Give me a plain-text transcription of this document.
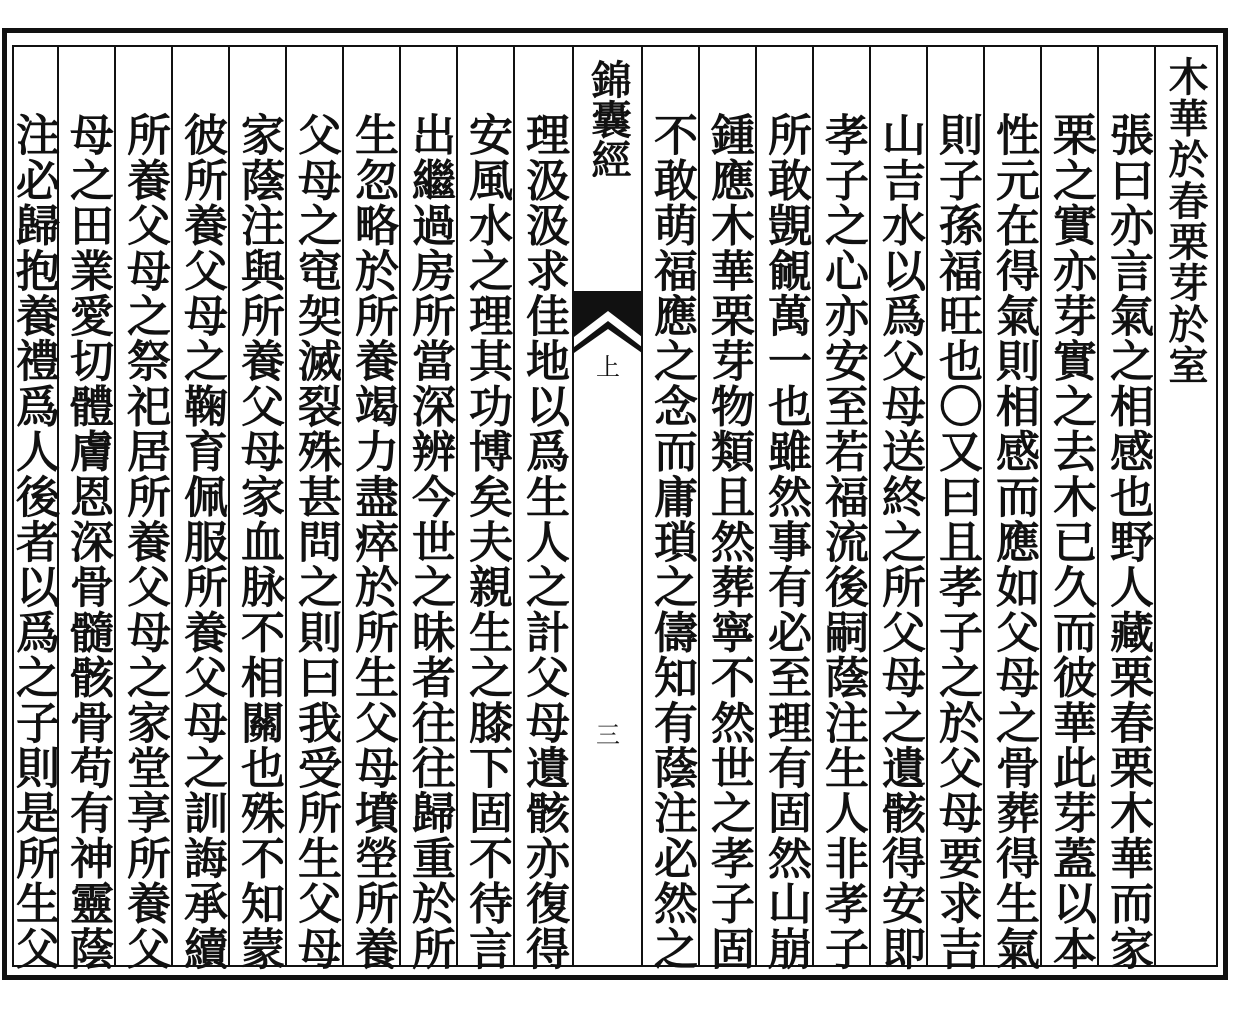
木華於春栗芽於室
張曰亦言氣之相感也野人藏栗春栗木華而家
栗之實亦芽實之去木已久而彼華此芽蓋以本
性元在得氣則相感而應如父母之骨葬得生氣
則子孫福旺也〇又曰且孝子之於父母要求吉
山吉水以爲父母送終之所父母之遺骸得安即
孝子之心亦安至若福流後嗣蔭注生人非孝子
所敢覬覦萬一也雖然事有必至理有固然山崩
鍾應木華栗芽物類且然葬寧不然世之孝子固
不敢萌福應之念而庸瑣之儔知有蔭注必然之
錦囊經
上
三
理汲汲求佳地以爲生人之計父母遺骸亦復得
安風水之理其功博矣夫親生之膝下固不待言
出繼過房所當深辨今世之昧者往往歸重於所
生忽略於所養竭力盡瘁於所生父母墳塋所養
父母之窀㚙滅裂殊甚問之則曰我受所生父母
家蔭注與所養父母家血脉不相關也殊不知蒙
彼所養父母之鞠育佩服所養父母之訓誨承續
所養父母之祭祀居所養父母之家堂享所養父
母之田業愛切體膚恩深骨髓骸骨苟有神靈蔭
注必歸抱養禮爲人後者以爲之子則是所生父
